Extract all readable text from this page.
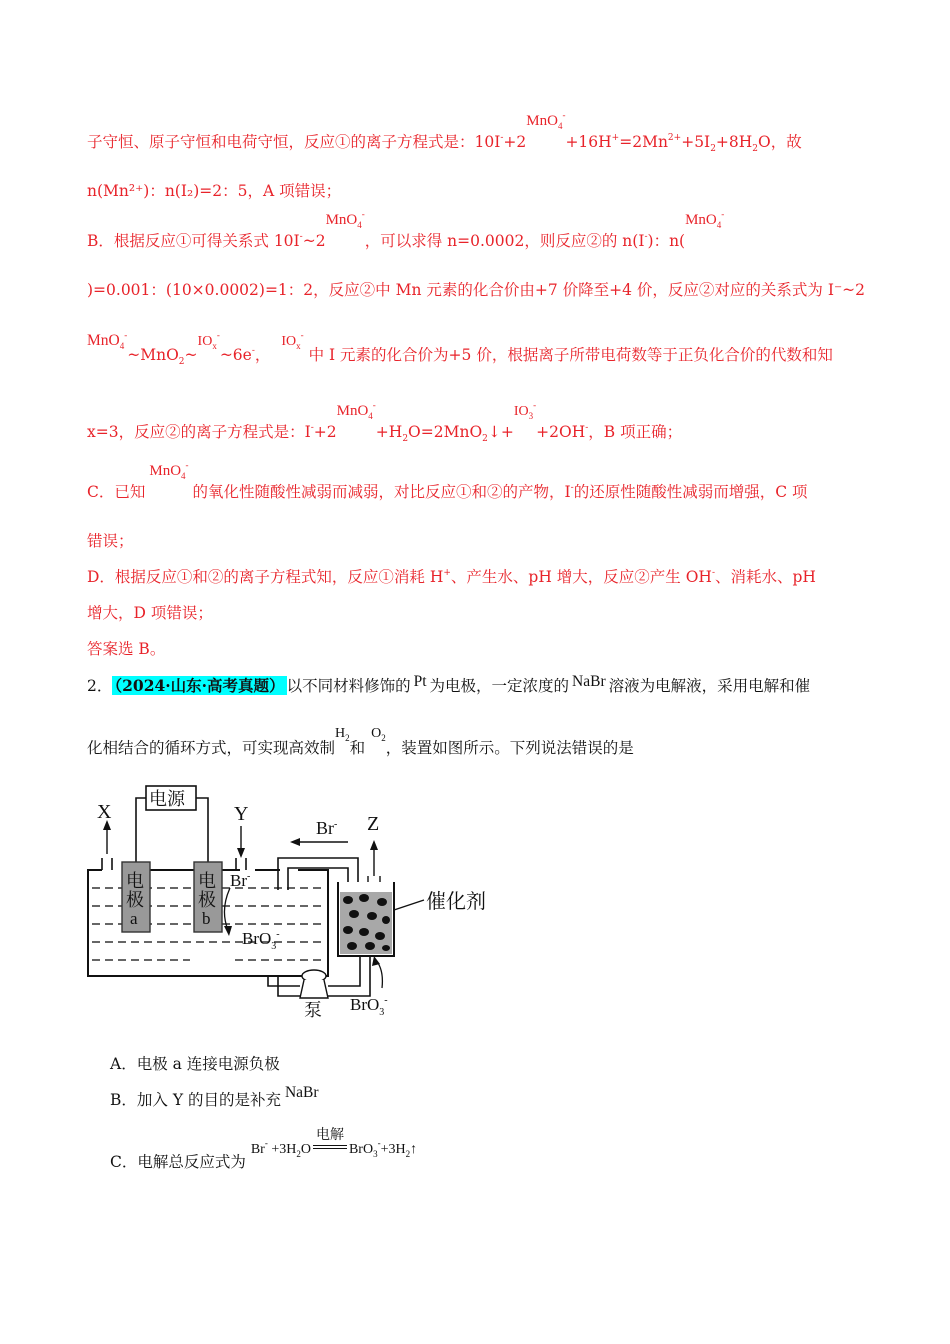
子守恒、原子守恒和电荷守恒，反应①的离子方程式是：$10I^-+2MnO_4^-+16H^+=2Mn^{2+}+5I_2+8H_2O$，故
n(Mn²⁺)：n(I₂)=2：5，A 项错误；
B．根据反应①可得关系式 10I-~2MnO$_4$-，可以求得 n=0.0002，则反应②的 n(I-)：n(MnO$_4$-
)=0.001：(10×0.0002)=1：2，反应②中 Mn 元素的化合价由+7 价降至+4 价，反应②对应的关系式为 I⁻~2
$MnO_4^-\sim MnO_2\sim IO_x^-\sim 6e^-$， $IO_x^-$ 中 I 元素的化合价为+5 价，根据离子所带电荷数等于正负化合价的代数和知
x=3，反应②的离子方程式是：$I^-+2MnO_4^-+H_2O=2MnO_2↓+IO_3^-+2OH^-$，B 项正确；
C．已知MnO$_4$-的氧化性随酸性减弱而减弱，对比反应①和②的产物，I-的还原性随酸性减弱而增强，C 项
错误；
D．根据反应①和②的离子方程式知，反应①消耗 H+、产生水、pH 增大，反应②产生 OH-、消耗水、pH
增大，D 项错误；
答案选 B。
2． （2024·山东·高考真题） 以不同材料修饰的 Pt 为电极，一定浓度的 NaBr 溶液为电解液，采用电解和催
化相结合的循环方式，可实现高效制$H_2$和$O_2$，装置如图所示。下列说法错误的是
X	Y
电源
电
极
a
电
极
b
Br-
BrO$_3$-
Br- Z
催化剂
泵 BrO$_3$-
A．电极 a 连接电源负极
B．加入 Y 的目的是补充 NaBr
C．电解总反应式为 $Br^- +3H_2O$
电解
$BrO_3^-+3H_2↑$
